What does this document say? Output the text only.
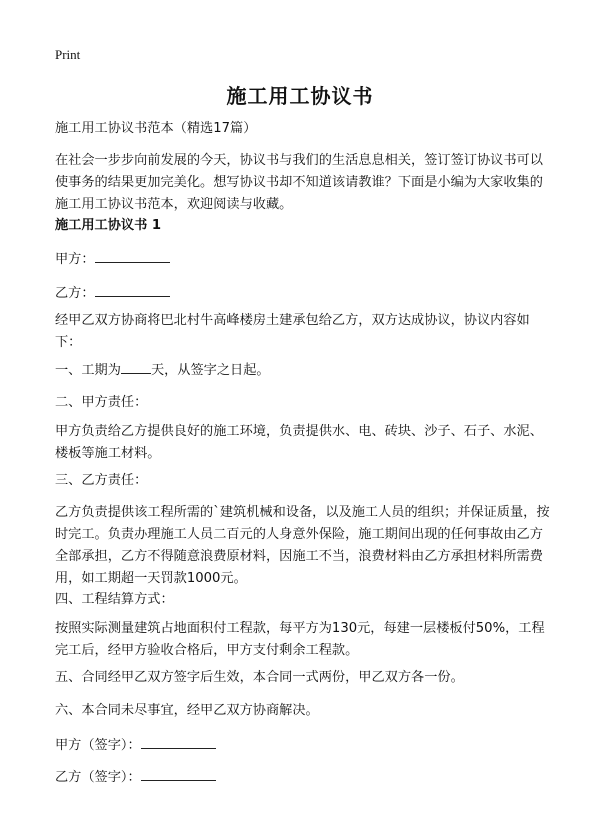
Print
施工用工协议书
施工用工协议书范本（精选17篇）
在社会一步步向前发展的今天，协议书与我们的生活息息相关，签订签订协议书可以使事务的结果更加完美化。想写协议书却不知道该请教谁？下面是小编为大家收集的施工用工协议书范本，欢迎阅读与收藏。
施工用工协议书 1
甲方：
乙方：
经甲乙双方协商将巴北村牛高峰楼房土建承包给乙方，双方达成协议，协议内容如下：
一、工期为 天，从签字之日起。
二、甲方责任：
甲方负责给乙方提供良好的施工环境，负责提供水、电、砖块、沙子、石子、水泥、楼板等施工材料。
三、乙方责任：
乙方负责提供该工程所需的`建筑机械和设备，以及施工人员的组织；并保证质量，按时完工。负责办理施工人员二百元的人身意外保险，施工期间出现的任何事故由乙方全部承担，乙方不得随意浪费原材料，因施工不当，浪费材料由乙方承担材料所需费用，如工期超一天罚款1000元。
四、工程结算方式：
按照实际测量建筑占地面积付工程款，每平方为130元，每建一层楼板付50%，工程完工后，经甲方验收合格后，甲方支付剩余工程款。
五、合同经甲乙双方签字后生效，本合同一式两份，甲乙双方各一份。
六、本合同未尽事宜，经甲乙双方协商解决。
甲方（签字）：
乙方（签字）：
